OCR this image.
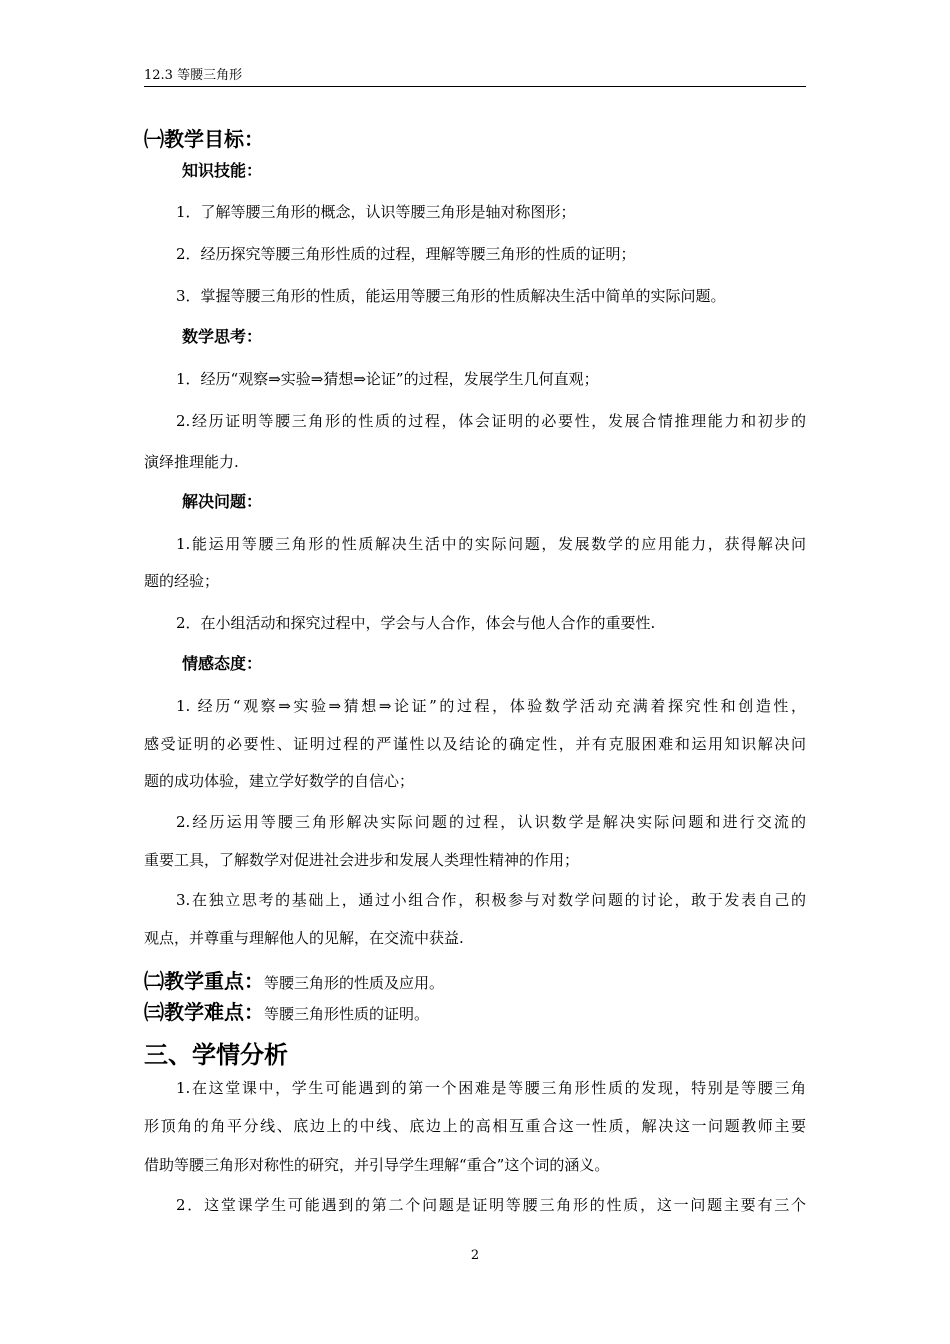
12.3 等腰三角形
㈠教学目标：
知识技能：
1．了解等腰三角形的概念，认识等腰三角形是轴对称图形；
2．经历探究等腰三角形性质的过程，理解等腰三角形的性质的证明；
3．掌握等腰三角形的性质，能运用等腰三角形的性质解决生活中简单的实际问题。
数学思考：
1．经历“观察⇒实验⇒猜想⇒论证”的过程，发展学生几何直观；
2.经历证明等腰三角形的性质的过程，体会证明的必要性，发展合情推理能力和初步的
演绎推理能力.
解决问题：
1.能运用等腰三角形的性质解决生活中的实际问题，发展数学的应用能力，获得解决问
题的经验；
2．在小组活动和探究过程中，学会与人合作，体会与他人合作的重要性.
情感态度：
1. 经历“观察⇒实验⇒猜想⇒论证”的过程，体验数学活动充满着探究性和创造性，
感受证明的必要性、证明过程的严谨性以及结论的确定性，并有克服困难和运用知识解决问
题的成功体验，建立学好数学的自信心；
2.经历运用等腰三角形解决实际问题的过程，认识数学是解决实际问题和进行交流的
重要工具，了解数学对促进社会进步和发展人类理性精神的作用；
3.在独立思考的基础上，通过小组合作，积极参与对数学问题的讨论，敢于发表自己的
观点，并尊重与理解他人的见解，在交流中获益.
㈡教学重点：等腰三角形的性质及应用。
㈢教学难点：等腰三角形性质的证明。
三、学情分析
1.在这堂课中，学生可能遇到的第一个困难是等腰三角形性质的发现，特别是等腰三角
形顶角的角平分线、底边上的中线、底边上的高相互重合这一性质，解决这一问题教师主要
借助等腰三角形对称性的研究，并引导学生理解“重合”这个词的涵义。
2．这堂课学生可能遇到的第二个问题是证明等腰三角形的性质，这一问题主要有三个
2
